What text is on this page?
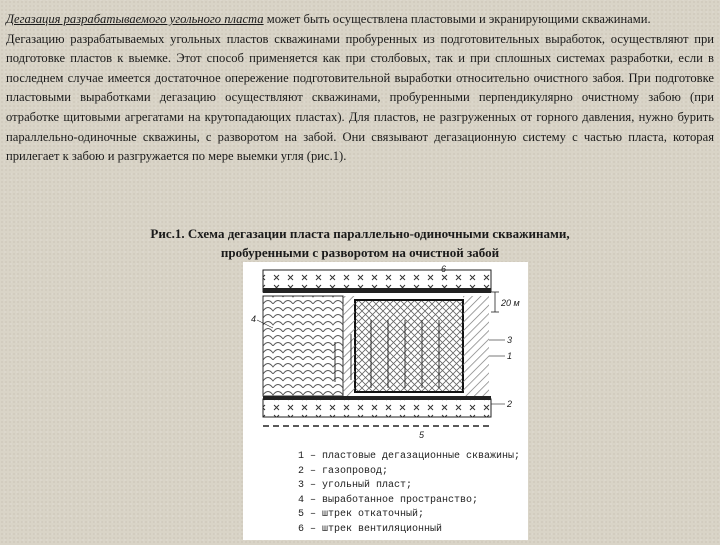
Дегазация разрабатываемого угольного пласта может быть осуществлена пластовыми и экранирующими скважинами.

Дегазацию разрабатываемых угольных пластов скважинами пробуренных из подготовительных выработок, осуществляют при подготовке пластов к выемке. Этот способ применяется как при столбовых, так и при сплошных системах разработки, если в последнем случае имеется достаточное опережение подготовительной выработки относительно очистного забоя. При подготовке пластовыми выработками дегазацию осуществляют скважинами, пробуренными перпендикулярно очистному забою (при отработке щитовыми агрегатами на крутопадающих пластах). Для пластов, не разгруженных от горного давления, нужно бурить параллельно-одиночные скважины, с разворотом на забой. Они связывают дегазационную систему с частью пласта, которая прилегает к забою и разгружается по мере выемки угля (рис.1).

Рис.1. Схема дегазации пласта параллельно-одиночными скважинами,
пробуренными с разворотом на очистной забой
20 м
3
1
2
4
5
6
1 – пластовые дегазационные скважины;
2 – газопровод;
3 – угольный пласт;
4 – выработанное пространство;
5 – штрек откаточный;
6 – штрек вентиляционный
